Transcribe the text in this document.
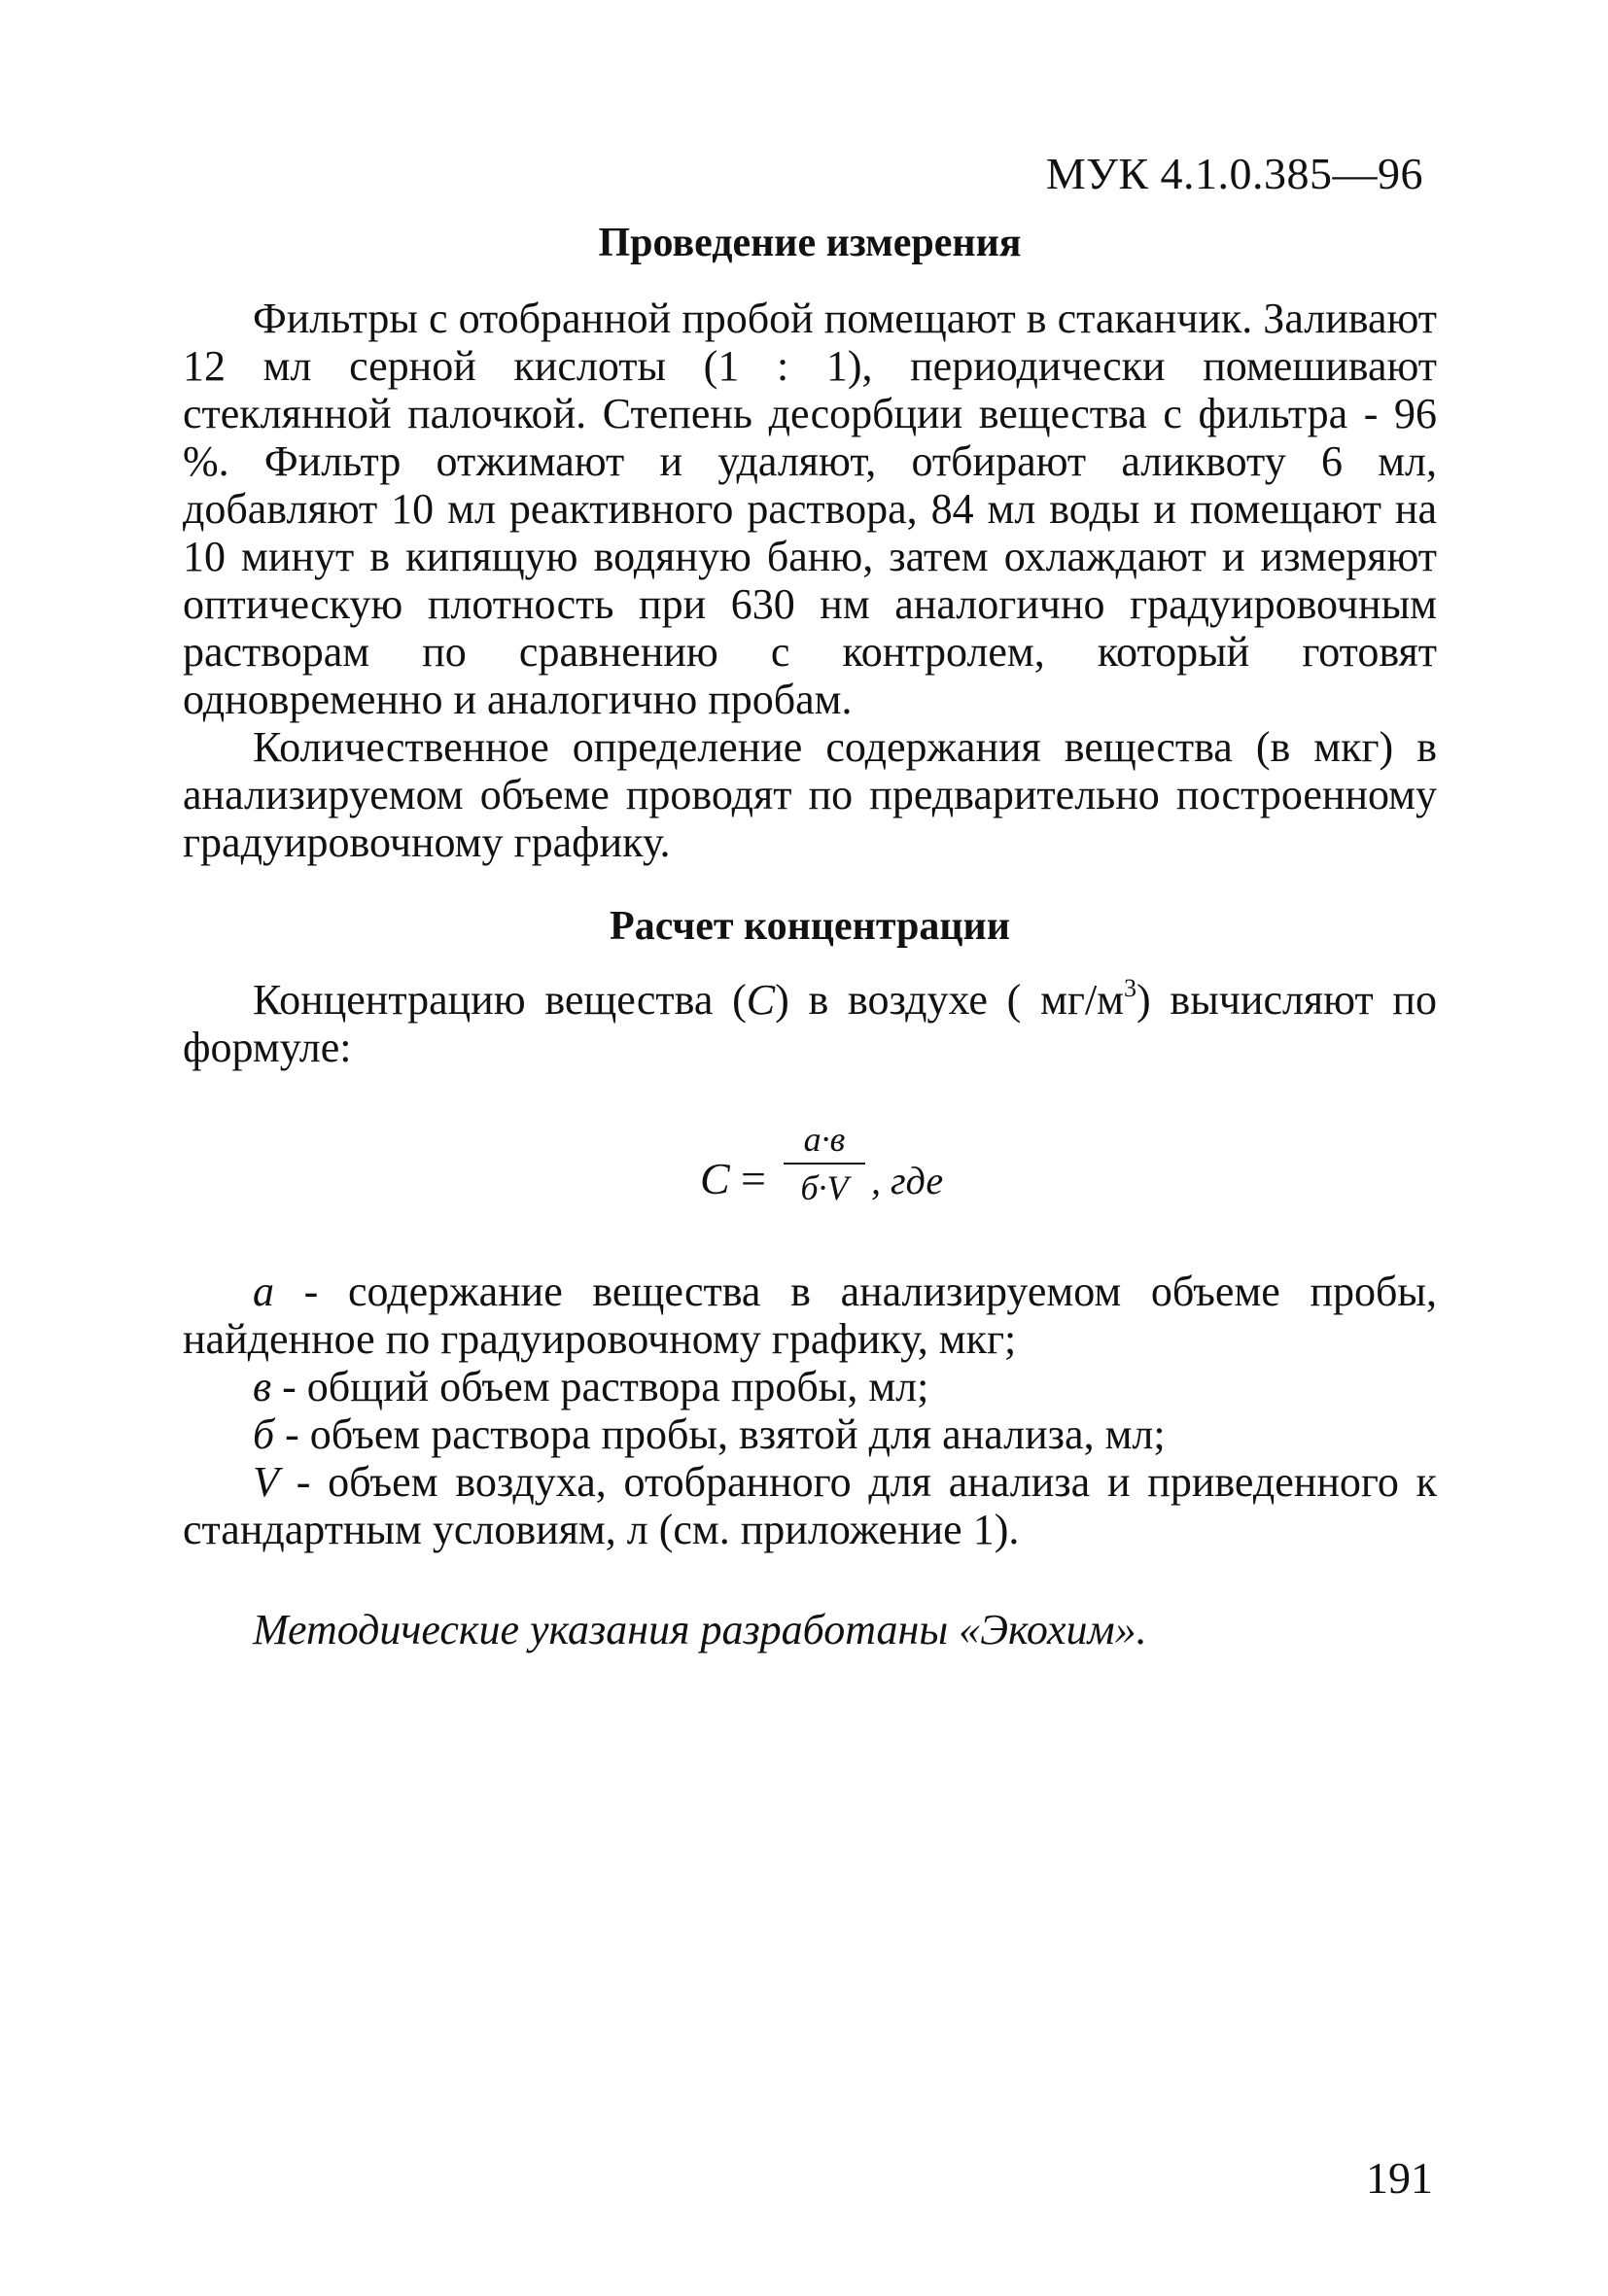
МУК 4.1.0.385—96
Проведение измерения

Фильтры с отобранной пробой помещают в стаканчик. Заливают 12 мл серной кислоты (1 : 1), периодически помешивают стеклянной палочкой. Степень десорбции вещества с фильтра - 96 %. Фильтр отжимают и удаляют, отбирают аликвоту 6 мл, добавляют 10 мл реактивного раствора, 84 мл воды и помещают на 10 минут в кипящую водяную баню, затем охлаждают и измеряют оптическую плотность при 630 нм аналогично градуировочным растворам по сравнению с контролем, который готовят одновременно и аналогично пробам.

Количественное определение содержания вещества (в мкг) в анализируемом объеме проводят по предварительно построенному градуировочному графику.

Расчет концентрации

Концентрацию вещества (С) в воздухе ( $мг/м^3$) вычисляют по формуле:

С =
а·в
б·V , где

а - содержание вещества в анализируемом объеме пробы, найденное по градуировочному графику, мкг;

в - общий объем раствора пробы, мл;

б - объем раствора пробы, взятой для анализа, мл;

V - объем воздуха, отобранного для анализа и приведенного к стандартным условиям, л (см. приложение 1).

Методические указания разработаны «Экохим».

191
